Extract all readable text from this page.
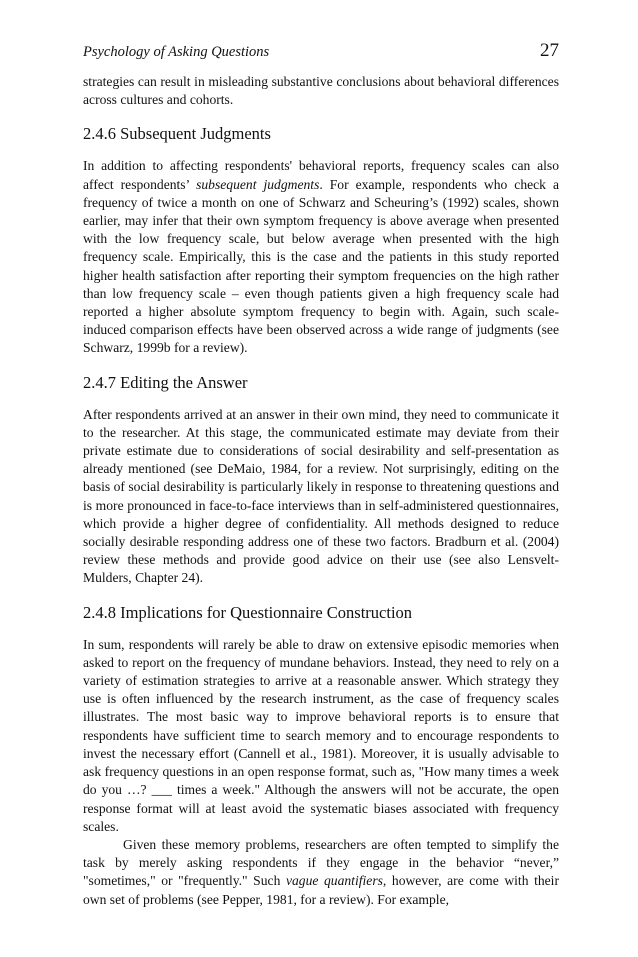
Psychology of Asking Questions	27

strategies can result in misleading substantive conclusions about behavioral differences across cultures and cohorts.

2.4.6 Subsequent Judgments

In addition to affecting respondents' behavioral reports, frequency scales can also affect respondents’ subsequent judgments. For example, respondents who check a frequency of twice a month on one of Schwarz and Scheuring’s (1992) scales, shown earlier, may infer that their own symptom frequency is above average when presented with the low frequency scale, but below average when presented with the high frequency scale. Empirically, this is the case and the patients in this study reported higher health satisfaction after reporting their symptom frequencies on the high rather than low frequency scale – even though patients given a high frequency scale had reported a higher absolute symptom frequency to begin with. Again, such scale-induced comparison effects have been observed across a wide range of judgments (see Schwarz, 1999b for a review).

2.4.7 Editing the Answer

After respondents arrived at an answer in their own mind, they need to communicate it to the researcher. At this stage, the communicated estimate may deviate from their private estimate due to considerations of social desirability and self-presentation as already mentioned (see DeMaio, 1984, for a review. Not surprisingly, editing on the basis of social desirability is particularly likely in response to threatening questions and is more pronounced in face-to-face interviews than in self-administered questionnaires, which provide a higher degree of confidentiality. All methods designed to reduce socially desirable responding address one of these two factors. Bradburn et al. (2004) review these methods and provide good advice on their use (see also Lensvelt-Mulders, Chapter 24).

2.4.8 Implications for Questionnaire Construction

In sum, respondents will rarely be able to draw on extensive episodic memories when asked to report on the frequency of mundane behaviors. Instead, they need to rely on a variety of estimation strategies to arrive at a reasonable answer. Which strategy they use is often influenced by the research instrument, as the case of frequency scales illustrates. The most basic way to improve behavioral reports is to ensure that respondents have sufficient time to search memory and to encourage respondents to invest the necessary effort (Cannell et al., 1981). Moreover, it is usually advisable to ask frequency questions in an open response format, such as, "How many times a week do you …? ___ times a week." Although the answers will not be accurate, the open response format will at least avoid the systematic biases associated with frequency scales.

Given these memory problems, researchers are often tempted to simplify the task by merely asking respondents if they engage in the behavior “never,” "sometimes," or "frequently." Such vague quantifiers, however, are come with their own set of problems (see Pepper, 1981, for a review). For example,
